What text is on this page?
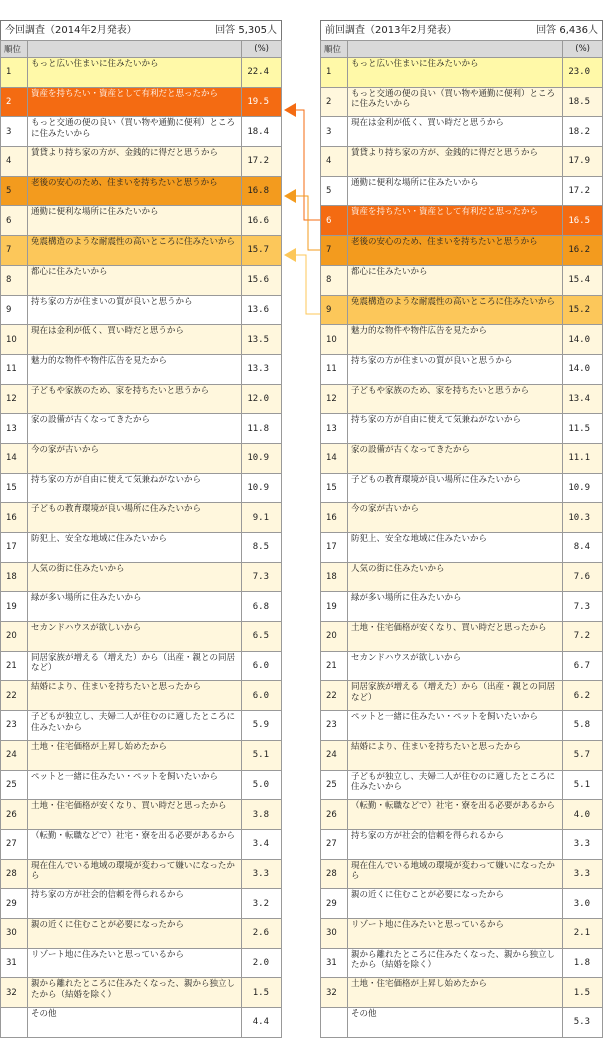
今回調査（2014年2月発表）	回答 5,305人
順位		(%)
1	もっと広い住まいに住みたいから	22.4
2	資産を持ちたい・資産として有利だと思ったから	19.5
3	もっと交通の便の良い（買い物や通勤に便利）ところに住みたいから	18.4
4	賃貸より持ち家の方が、金銭的に得だと思うから	17.2
5	老後の安心のため、住まいを持ちたいと思うから	16.8
6	通勤に便利な場所に住みたいから	16.6
7	免震構造のような耐震性の高いところに住みたいから	15.7
8	都心に住みたいから	15.6
9	持ち家の方が住まいの質が良いと思うから	13.6
10	現在は金利が低く、買い時だと思うから	13.5
11	魅力的な物件や物件広告を見たから	13.3
12	子どもや家族のため、家を持ちたいと思うから	12.0
13	家の設備が古くなってきたから	11.8
14	今の家が古いから	10.9
15	持ち家の方が自由に使えて気兼ねがないから	10.9
16	子どもの教育環境が良い場所に住みたいから	9.1
17	防犯上、安全な地域に住みたいから	8.5
18	人気の街に住みたいから	7.3
19	緑が多い場所に住みたいから	6.8
20	セカンドハウスが欲しいから	6.5
21	同居家族が増える（増えた）から（出産・親との同居など）	6.0
22	結婚により、住まいを持ちたいと思ったから	6.0
23	子どもが独立し、夫婦二人が住むのに適したところに住みたいから	5.9
24	土地・住宅価格が上昇し始めたから	5.1
25	ペットと一緒に住みたい・ペットを飼いたいから	5.0
26	土地・住宅価格が安くなり、買い時だと思ったから	3.8
27	（転勤・転職などで）社宅・寮を出る必要があるから	3.4
28	現在住んでいる地域の環境が変わって嫌いになったから	3.3
29	持ち家の方が社会的信頼を得られるから	3.2
30	親の近くに住むことが必要になったから	2.6
31	リゾート地に住みたいと思っているから	2.0
32	親から離れたところに住みたくなった、親から独立したから（結婚を除く）	1.5
	その他	4.4
前回調査（2013年2月発表）	回答 6,436人
順位		(%)
1	もっと広い住まいに住みたいから	23.0
2	もっと交通の便の良い（買い物や通勤に便利）ところに住みたいから	18.5
3	現在は金利が低く、買い時だと思うから	18.2
4	賃貸より持ち家の方が、金銭的に得だと思うから	17.9
5	通勤に便利な場所に住みたいから	17.2
6	資産を持ちたい・資産として有利だと思ったから	16.5
7	老後の安心のため、住まいを持ちたいと思うから	16.2
8	都心に住みたいから	15.4
9	免震構造のような耐震性の高いところに住みたいから	15.2
10	魅力的な物件や物件広告を見たから	14.0
11	持ち家の方が住まいの質が良いと思うから	14.0
12	子どもや家族のため、家を持ちたいと思うから	13.4
13	持ち家の方が自由に使えて気兼ねがないから	11.5
14	家の設備が古くなってきたから	11.1
15	子どもの教育環境が良い場所に住みたいから	10.9
16	今の家が古いから	10.3
17	防犯上、安全な地域に住みたいから	8.4
18	人気の街に住みたいから	7.6
19	緑が多い場所に住みたいから	7.3
20	土地・住宅価格が安くなり、買い時だと思ったから	7.2
21	セカンドハウスが欲しいから	6.7
22	同居家族が増える（増えた）から（出産・親との同居など）	6.2
23	ペットと一緒に住みたい・ペットを飼いたいから	5.8
24	結婚により、住まいを持ちたいと思ったから	5.7
25	子どもが独立し、夫婦二人が住むのに適したところに住みたいから	5.1
26	（転勤・転職などで）社宅・寮を出る必要があるから	4.0
27	持ち家の方が社会的信頼を得られるから	3.3
28	現在住んでいる地域の環境が変わって嫌いになったから	3.3
29	親の近くに住むことが必要になったから	3.0
30	リゾート地に住みたいと思っているから	2.1
31	親から離れたところに住みたくなった、親から独立したから（結婚を除く）	1.8
32	土地・住宅価格が上昇し始めたから	1.5
	その他	5.3
